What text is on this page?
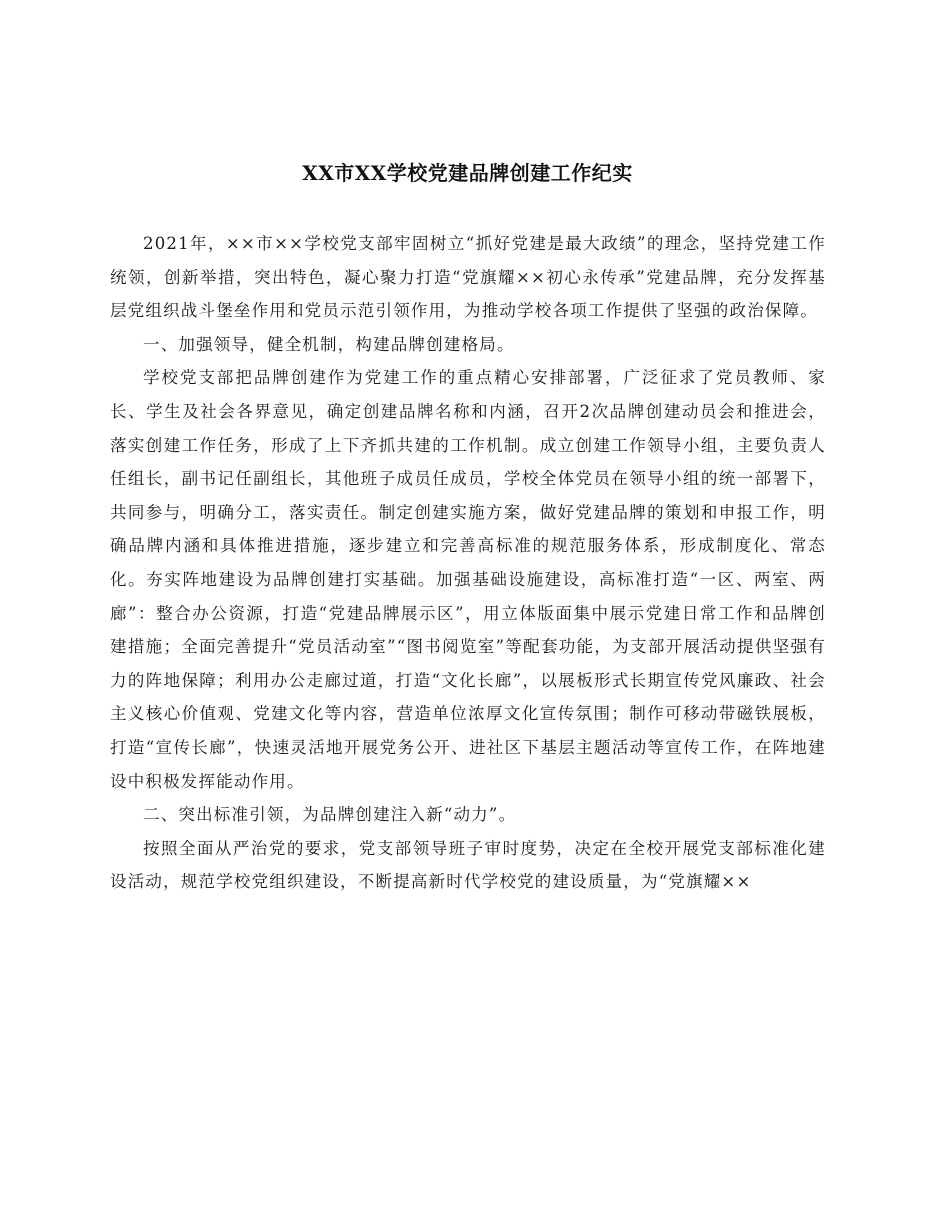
XX市XX学校党建品牌创建工作纪实

2021年，××市××学校党支部牢固树立“抓好党建是最大政绩”的理念，坚持党建工作统领，创新举措，突出特色，凝心聚力打造“党旗耀××初心永传承”党建品牌，充分发挥基层党组织战斗堡垒作用和党员示范引领作用，为推动学校各项工作提供了坚强的政治保障。

一、加强领导，健全机制，构建品牌创建格局。

学校党支部把品牌创建作为党建工作的重点精心安排部署，广泛征求了党员教师、家长、学生及社会各界意见，确定创建品牌名称和内涵，召开2次品牌创建动员会和推进会，落实创建工作任务，形成了上下齐抓共建的工作机制。成立创建工作领导小组，主要负责人任组长，副书记任副组长，其他班子成员任成员，学校全体党员在领导小组的统一部署下，共同参与，明确分工，落实责任。制定创建实施方案，做好党建品牌的策划和申报工作，明确品牌内涵和具体推进措施，逐步建立和完善高标准的规范服务体系，形成制度化、常态化。夯实阵地建设为品牌创建打实基础。加强基础设施建设，高标准打造“一区、两室、两廊”：整合办公资源，打造“党建品牌展示区”，用立体版面集中展示党建日常工作和品牌创建措施；全面完善提升“党员活动室”“图书阅览室”等配套功能，为支部开展活动提供坚强有力的阵地保障；利用办公走廊过道，打造“文化长廊”，以展板形式长期宣传党风廉政、社会主义核心价值观、党建文化等内容，营造单位浓厚文化宣传氛围；制作可移动带磁铁展板，打造“宣传长廊”，快速灵活地开展党务公开、进社区下基层主题活动等宣传工作，在阵地建设中积极发挥能动作用。

二、突出标准引领，为品牌创建注入新“动力”。

按照全面从严治党的要求，党支部领导班子审时度势，决定在全校开展党支部标准化建设活动，规范学校党组织建设，不断提高新时代学校党的建设质量，为“党旗耀××
